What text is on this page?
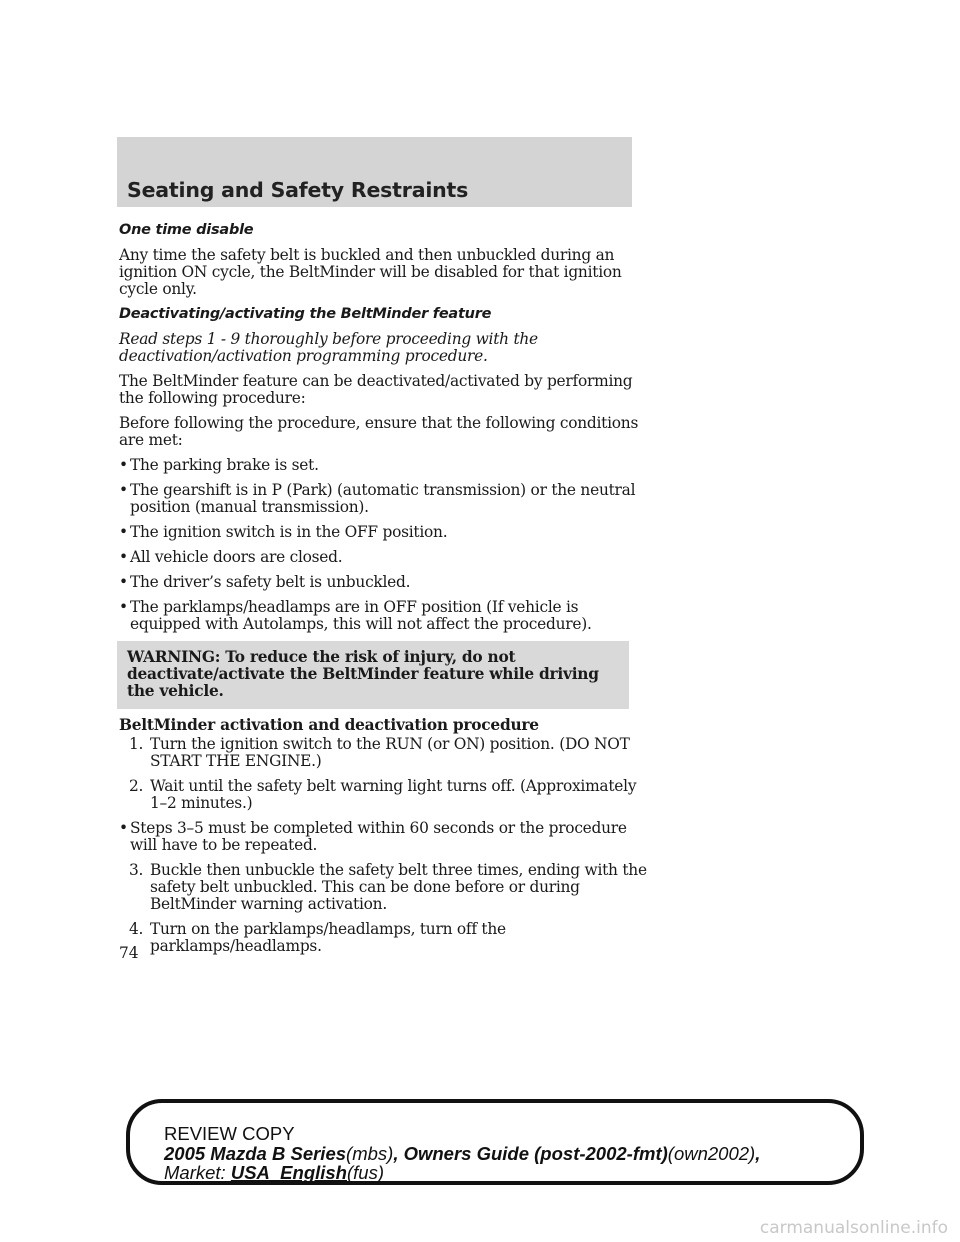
Seating and Safety Restraints

One time disable

Any time the safety belt is buckled and then unbuckled during an ignition ON cycle, the BeltMinder will be disabled for that ignition cycle only.

Deactivating/activating the BeltMinder feature

Read steps 1 - 9 thoroughly before proceeding with the deactivation/activation programming procedure.

The BeltMinder feature can be deactivated/activated by performing the following procedure:

Before following the procedure, ensure that the following conditions are met:

• The parking brake is set.

• The gearshift is in P (Park) (automatic transmission) or the neutral position (manual transmission).

• The ignition switch is in the OFF position.

• All vehicle doors are closed.

• The driver’s safety belt is unbuckled.

• The parklamps/headlamps are in OFF position (If vehicle is equipped with Autolamps, this will not affect the procedure).

WARNING: To reduce the risk of injury, do not deactivate/activate the BeltMinder feature while driving the vehicle.

BeltMinder activation and deactivation procedure

1. Turn the ignition switch to the RUN (or ON) position. (DO NOT START THE ENGINE.)

2. Wait until the safety belt warning light turns off. (Approximately 1–2 minutes.)

• Steps 3–5 must be completed within 60 seconds or the procedure will have to be repeated.

3. Buckle then unbuckle the safety belt three times, ending with the safety belt unbuckled. This can be done before or during BeltMinder warning activation.

4. Turn on the parklamps/headlamps, turn off the parklamps/headlamps.

74
REVIEW COPY
2005 Mazda B Series(mbs), Owners Guide (post-2002-fmt)(own2002),
Market: USA_English(fus)
carmanualsonline.info
